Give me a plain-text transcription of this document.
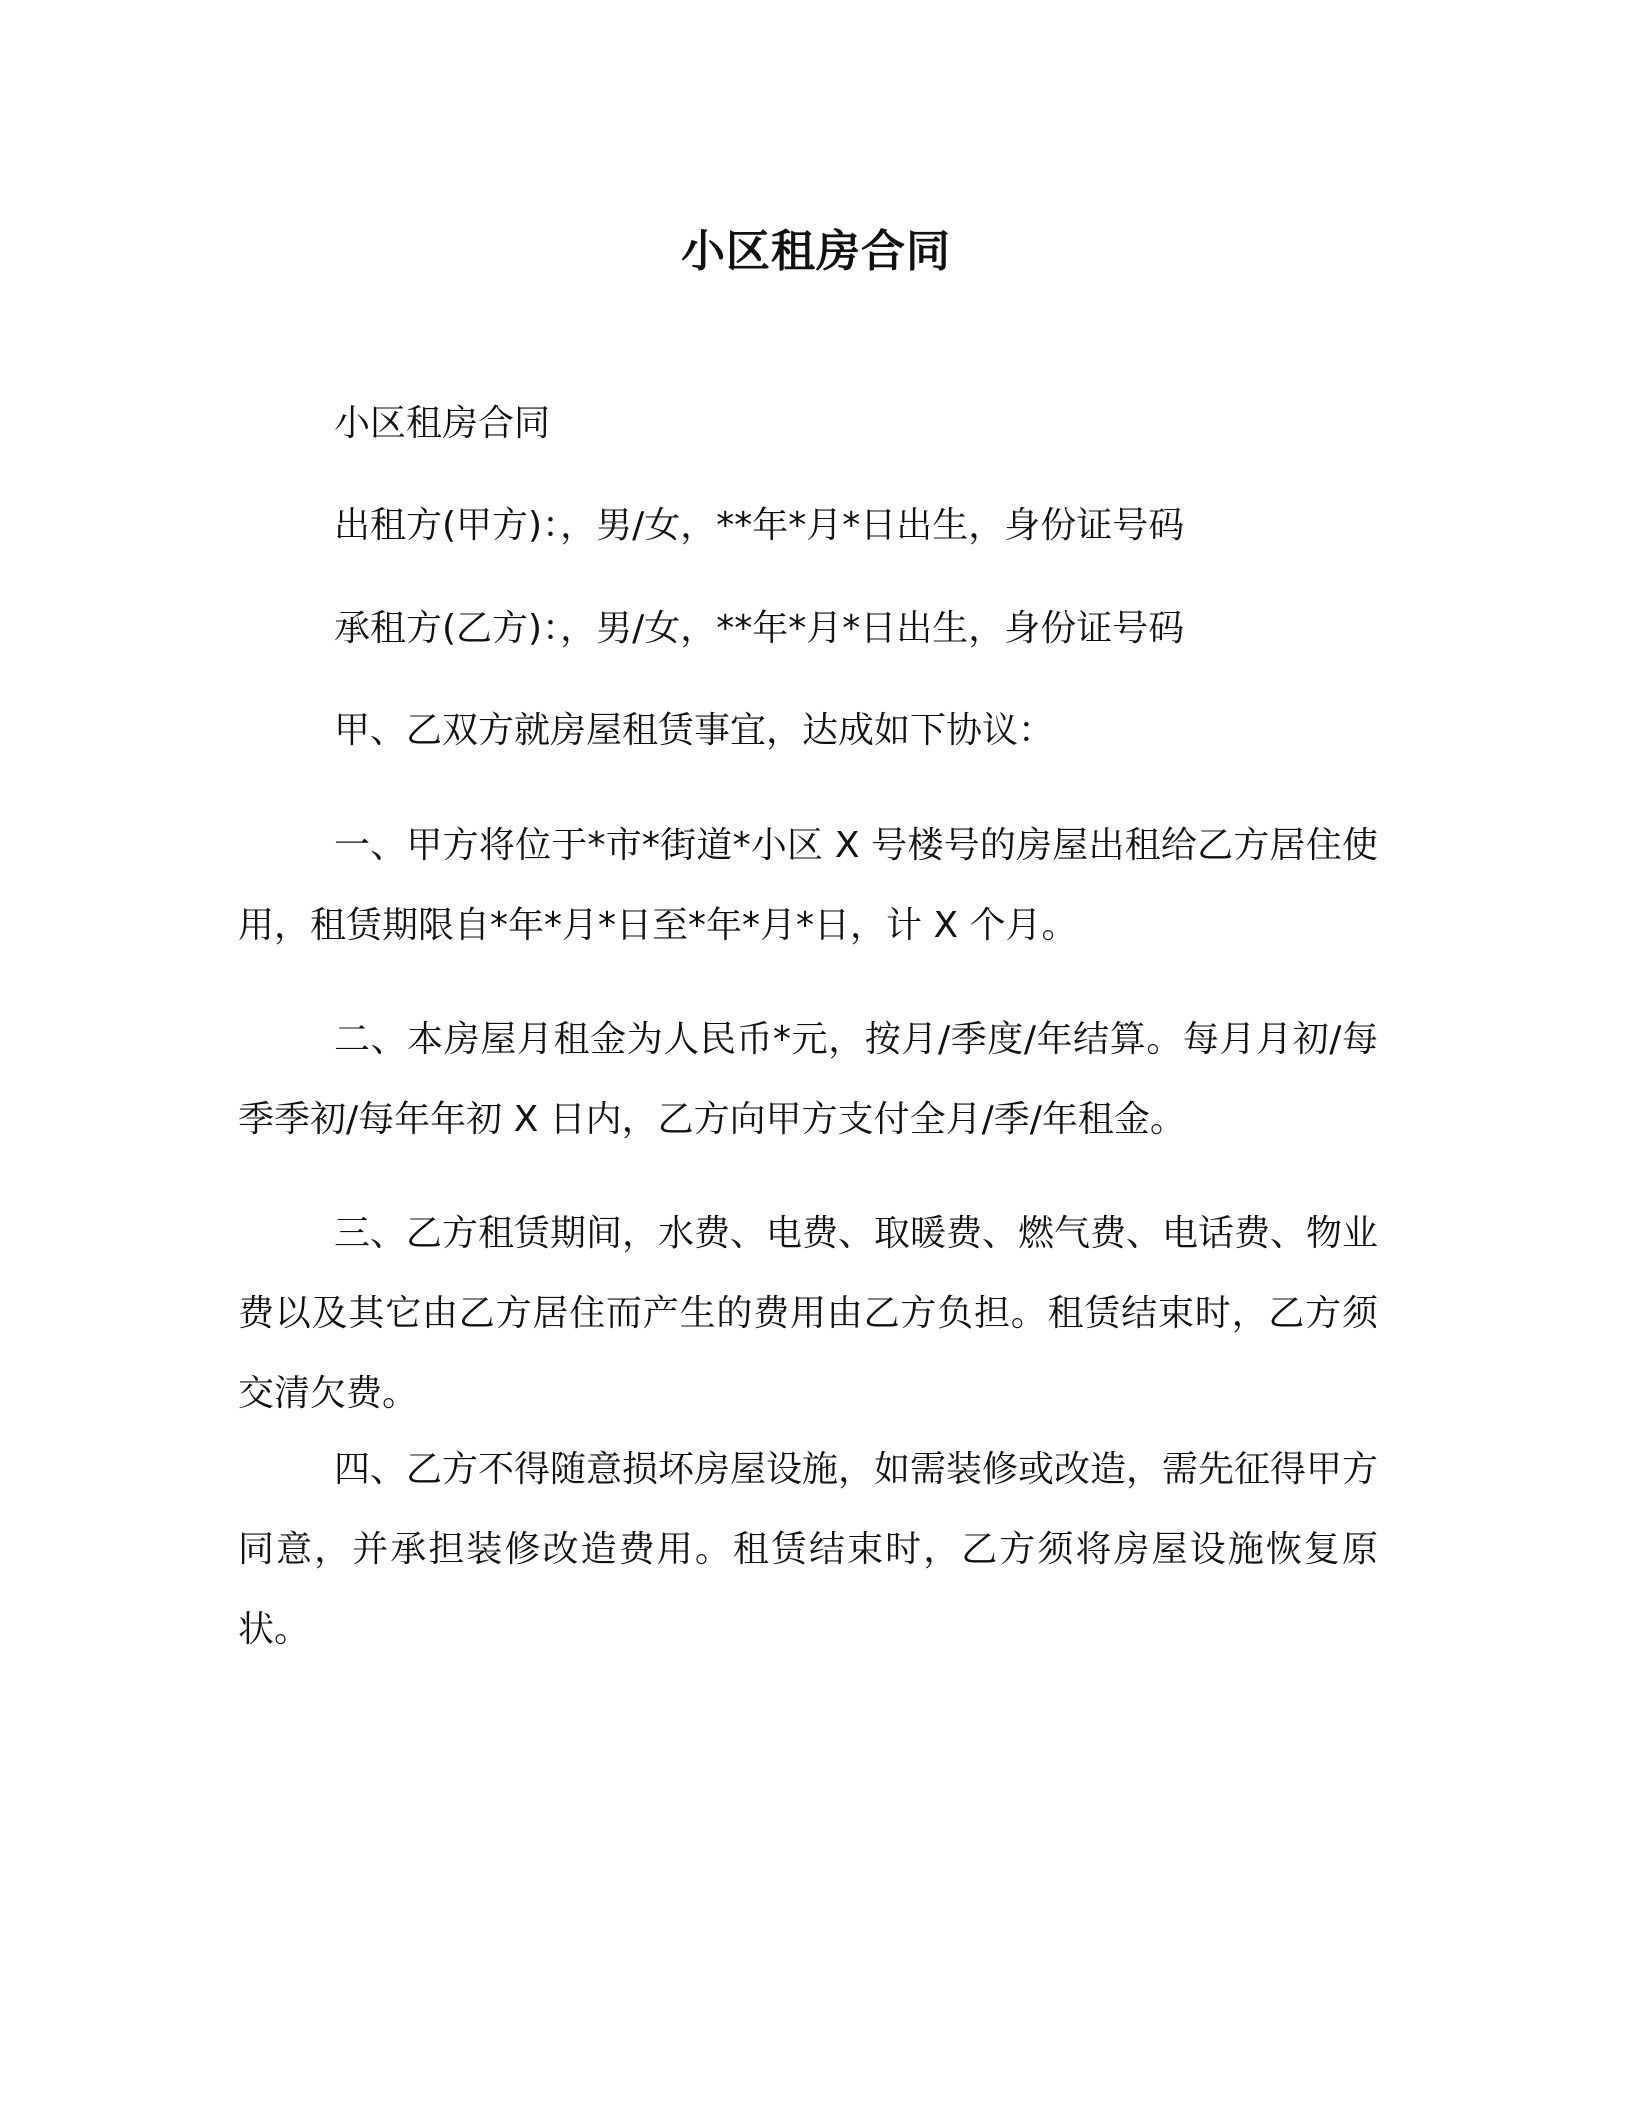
小区租房合同
小区租房合同
出租方(甲方)：，男/女，**年*月*日出生，身份证号码
承租方(乙方)：，男/女，**年*月*日出生，身份证号码
甲、乙双方就房屋租赁事宜，达成如下协议：
一、甲方将位于*市*街道*小区 X 号楼号的房屋出租给乙方居住使用，租赁期限自*年*月*日至*年*月*日，计 X 个月。
二、本房屋月租金为人民币*元，按月/季度/年结算。每月月初/每季季初/每年年初 X 日内，乙方向甲方支付全月/季/年租金。
三、乙方租赁期间，水费、电费、取暖费、燃气费、电话费、物业费以及其它由乙方居住而产生的费用由乙方负担。租赁结束时，乙方须交清欠费。
四、乙方不得随意损坏房屋设施，如需装修或改造，需先征得甲方同意，并承担装修改造费用。租赁结束时，乙方须将房屋设施恢复原状。
